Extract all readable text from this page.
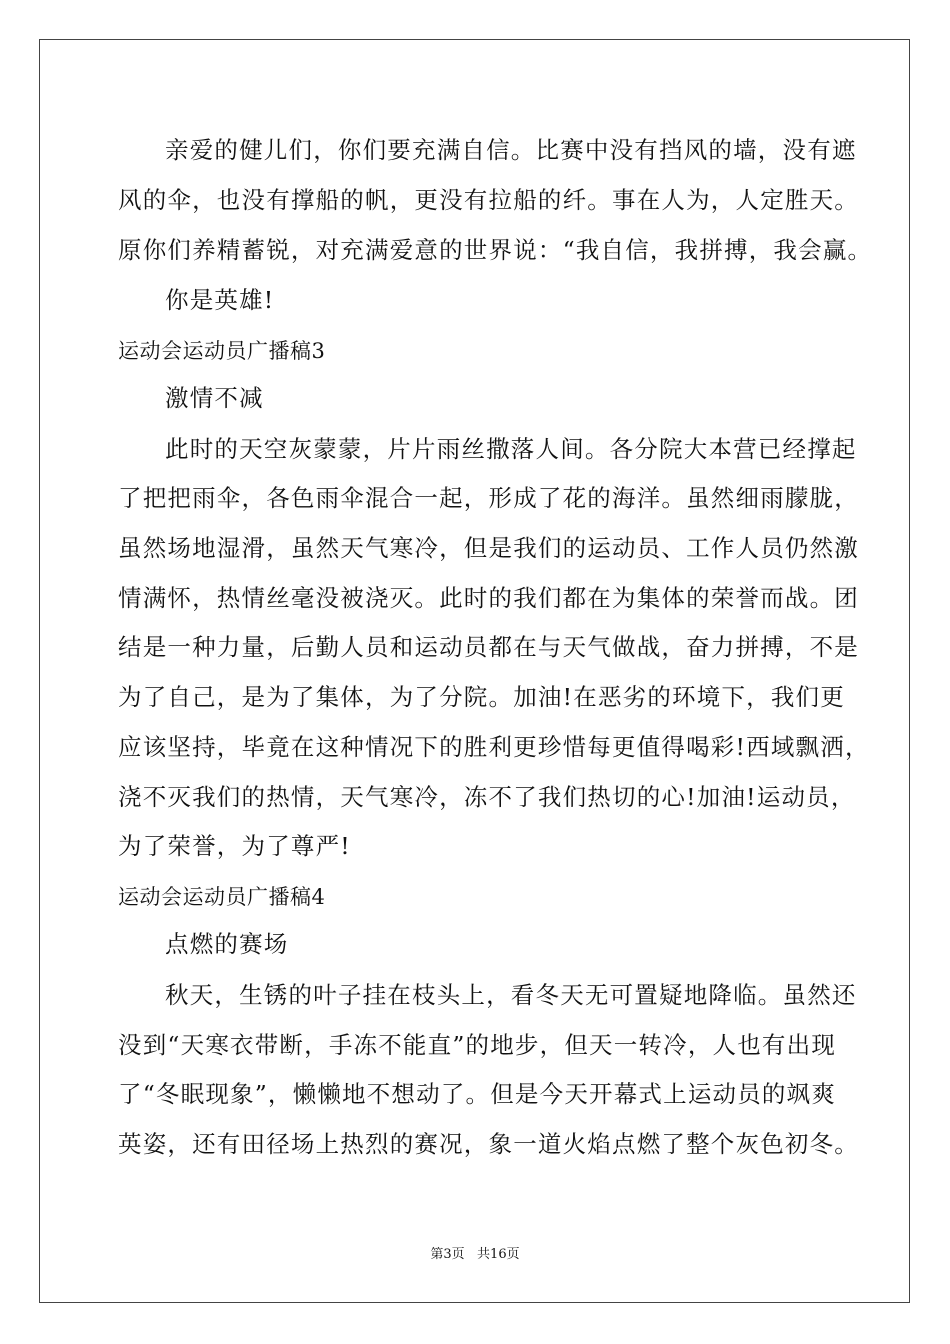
亲爱的健儿们，你们要充满自信。比赛中没有挡风的墙，没有遮
风的伞，也没有撑船的帆，更没有拉船的纤。事在人为，人定胜天。
原你们养精蓄锐，对充满爱意的世界说：“我自信，我拼搏，我会赢。
你是英雄!
运动会运动员广播稿3
激情不减
此时的天空灰蒙蒙，片片雨丝撒落人间。各分院大本营已经撑起
了把把雨伞，各色雨伞混合一起，形成了花的海洋。虽然细雨朦胧，
虽然场地湿滑，虽然天气寒冷，但是我们的运动员、工作人员仍然激
情满怀，热情丝毫没被浇灭。此时的我们都在为集体的荣誉而战。团
结是一种力量，后勤人员和运动员都在与天气做战，奋力拼搏，不是
为了自己，是为了集体，为了分院。加油!在恶劣的环境下，我们更
应该坚持，毕竟在这种情况下的胜利更珍惜每更值得喝彩!西域飘洒，
浇不灭我们的热情，天气寒冷，冻不了我们热切的心!加油!运动员，
为了荣誉，为了尊严!
运动会运动员广播稿4
点燃的赛场
秋天，生锈的叶子挂在枝头上，看冬天无可置疑地降临。虽然还
没到“天寒衣带断，手冻不能直”的地步，但天一转冷，人也有出现
了“冬眠现象”，懒懒地不想动了。但是今天开幕式上运动员的飒爽
英姿，还有田径场上热烈的赛况，象一道火焰点燃了整个灰色初冬。
第3页   共16页
